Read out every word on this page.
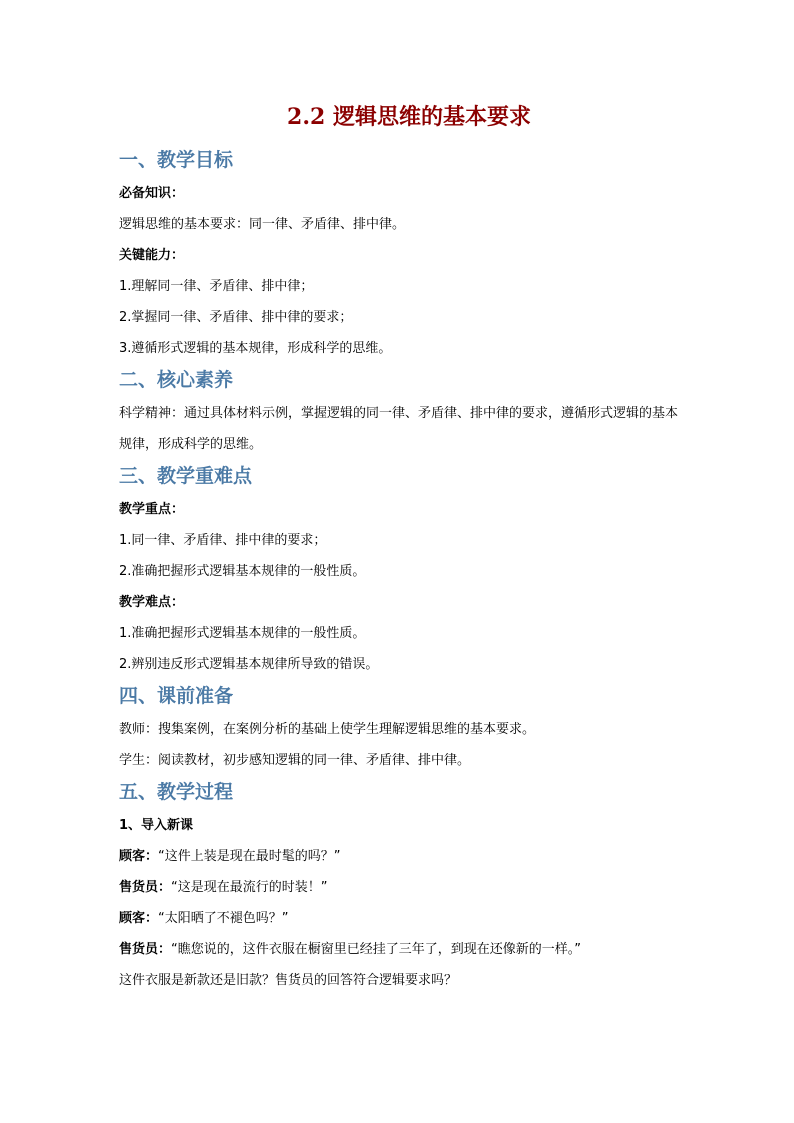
2.2 逻辑思维的基本要求
一、教学目标

必备知识：

逻辑思维的基本要求：同一律、矛盾律、排中律。

关键能力：

1.理解同一律、矛盾律、排中律；

2.掌握同一律、矛盾律、排中律的要求；

3.遵循形式逻辑的基本规律，形成科学的思维。

二、核心素养

科学精神：通过具体材料示例，掌握逻辑的同一律、矛盾律、排中律的要求，遵循形式逻辑的基本规律，形成科学的思维。

三、教学重难点

教学重点：

1.同一律、矛盾律、排中律的要求；

2.准确把握形式逻辑基本规律的一般性质。

教学难点：

1.准确把握形式逻辑基本规律的一般性质。

2.辨别违反形式逻辑基本规律所导致的错误。

四、课前准备

教师：搜集案例，在案例分析的基础上使学生理解逻辑思维的基本要求。

学生：阅读教材，初步感知逻辑的同一律、矛盾律、排中律。

五、教学过程

1、导入新课

顾客：“这件上装是现在最时髦的吗？”

售货员：“这是现在最流行的时装！”

顾客：“太阳晒了不褪色吗？”

售货员：“瞧您说的，这件衣服在橱窗里已经挂了三年了，到现在还像新的一样。”

这件衣服是新款还是旧款？售货员的回答符合逻辑要求吗？
